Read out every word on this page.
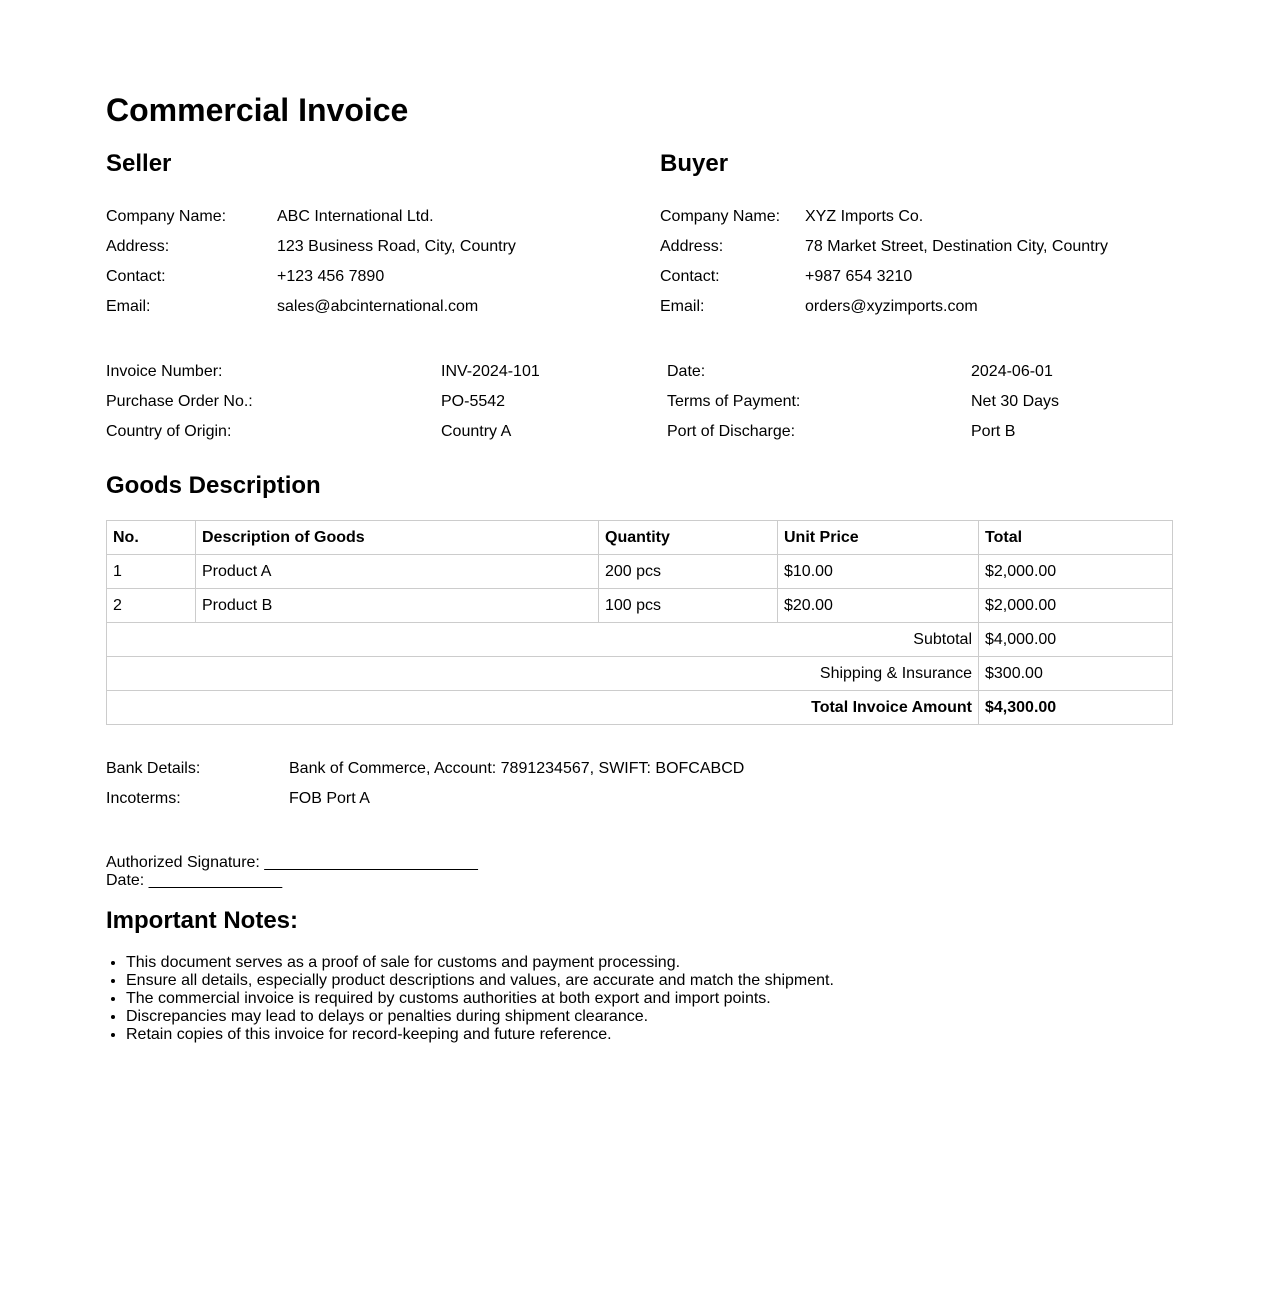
Commercial Invoice
Seller
Company Name:	ABC International Ltd.
Address:	123 Business Road, City, Country
Contact:	+123 456 7890
Email:	sales@abcinternational.com
Buyer
Company Name:	XYZ Imports Co.
Address:	78 Market Street, Destination City, Country
Contact:	+987 654 3210
Email:	orders@xyzimports.com
Invoice Number:	INV-2024-101	Date:	2024-06-01
Purchase Order No.:	PO-5542	Terms of Payment:	Net 30 Days
Country of Origin:	Country A	Port of Discharge:	Port B
Goods Description
No.	Description of Goods	Quantity	Unit Price	Total
1	Product A	200 pcs	$10.00	$2,000.00
2	Product B	100 pcs	$20.00	$2,000.00
Subtotal				$4,000.00
Shipping & Insurance				$300.00
Total Invoice Amount				$4,300.00
Bank Details:	Bank of Commerce, Account: 7891234567, SWIFT: BOFCABCD
Incoterms:	FOB Port A
Authorized Signature: ________________________
Date: _______________
Important Notes:
• This document serves as a proof of sale for customs and payment processing.
• Ensure all details, especially product descriptions and values, are accurate and match the shipment.
• The commercial invoice is required by customs authorities at both export and import points.
• Discrepancies may lead to delays or penalties during shipment clearance.
• Retain copies of this invoice for record-keeping and future reference.
